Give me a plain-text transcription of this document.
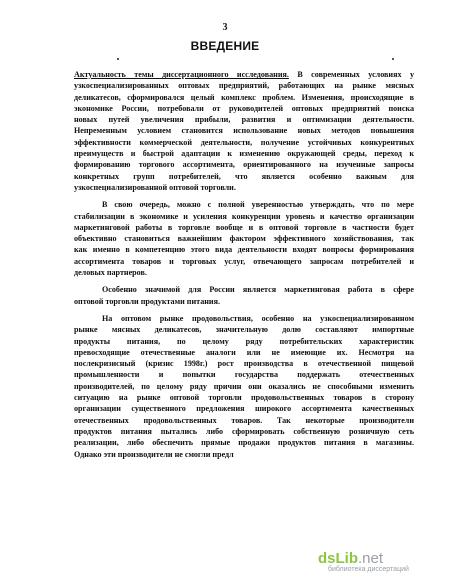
3
ВВЕДЕНИЕ
Актуальность темы диссертационного исследования. В современных условиях у
узкоспециализированных оптовых предприятий, работающих на рынке мясных
деликатесов, сформировался целый комплекс проблем. Изменения, происходящие в
экономике России, потребовали от руководителей оптовых предприятий поиска
новых путей увеличения прибыли, развития и оптимизации деятельности.
Непременным условием становится использование новых методов повышения
эффективности коммерческой деятельности, получение устойчивых конкурентных
преимуществ и быстрой адаптации к изменению окружающей среды, переход к
формированию торгового ассортимента, ориентированного на изученные запросы
конкретных групп потребителей, что является особенно важным для
узкоспециализированной оптовой торговли.
В свою очередь, можно с полной уверенностью утверждать, что по мере
стабилизации в экономике и усиления конкуренции уровень и качество организации
маркетинговой работы в торговле вообще и в оптовой торговле в частности будет
объективно становиться важнейшим фактором эффективного хозяйствования, так
как именно в компетенцию этого вида деятельности входят вопросы формирования
ассортимента товаров и торговых услуг, отвечающего запросам потребителей и
деловых партнеров.
Особенно значимой для России является маркетинговая работа в сфере
оптовой торговли продуктами питания.
На оптовом рынке продовольствия, особенно на узкоспециализированном
рынке мясных деликатесов, значительную долю составляют импортные
продукты питания, по целому ряду потребительских характеристик
превосходящие отечественные аналоги или не имеющие их. Несмотря на
послекризисный (кризис 1998г.) рост производства в отечественной пищевой
промышленности и попытки государства поддержать отечественных
производителей, по целому ряду причин они оказались не способными изменить
ситуацию на рынке оптовой торговли продовольственных товаров в сторону
организации существенного предложения широкого ассортимента качественных
отечественных продовольственных товаров. Так некоторые производители
продуктов питания пытались либо сформировать собственную розничную сеть
реализации, либо обеспечить прямые продажи продуктов питания в магазины.
Однако эти производители не смогли предл
dsLib.net
библиотека диссертаций
